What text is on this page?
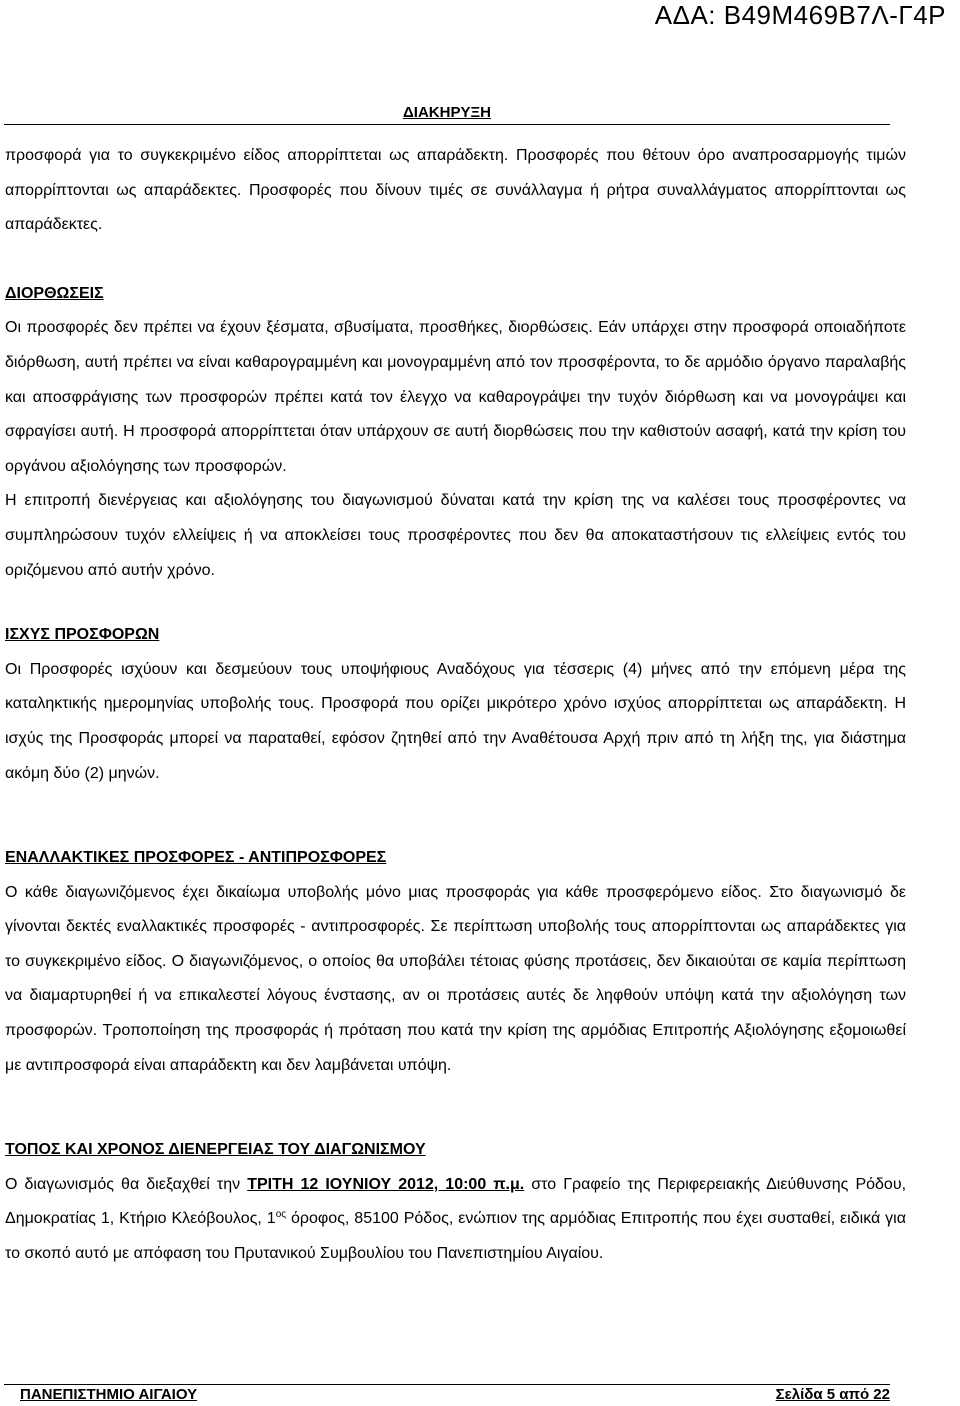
ΑΔΑ: Β49Μ469Β7Λ-Γ4Ρ
ΔΙΑΚΗΡΥΞΗ

προσφορά για το συγκεκριμένο είδος απορρίπτεται ως απαράδεκτη. Προσφορές που θέτουν όρο αναπροσαρμογής τιμών απορρίπτονται ως απαράδεκτες. Προσφορές που δίνουν τιμές σε συνάλλαγμα ή ρήτρα συναλλάγματος απορρίπτονται ως απαράδεκτες.

ΔΙΟΡΘΩΣΕΙΣ

Οι προσφορές δεν πρέπει να έχουν ξέσματα, σβυσίματα, προσθήκες, διορθώσεις. Εάν υπάρχει στην προσφορά οποιαδήποτε διόρθωση, αυτή πρέπει να είναι καθαρογραμμένη και μονογραμμένη από τον προσφέροντα, το δε αρμόδιο όργανο παραλαβής και αποσφράγισης των προσφορών πρέπει κατά τον έλεγχο να καθαρογράψει την τυχόν διόρθωση και να μονογράψει και σφραγίσει αυτή. Η προσφορά απορρίπτεται όταν υπάρχουν σε αυτή διορθώσεις που την καθιστούν ασαφή, κατά την κρίση του οργάνου αξιολόγησης των προσφορών.

Η επιτροπή διενέργειας και αξιολόγησης του διαγωνισμού δύναται κατά την κρίση της να καλέσει τους προσφέροντες να συμπληρώσουν τυχόν ελλείψεις ή να αποκλείσει τους προσφέροντες που δεν θα αποκαταστήσουν τις ελλείψεις εντός του οριζόμενου από αυτήν χρόνο.

ΙΣΧΥΣ ΠΡΟΣΦΟΡΩΝ

Οι Προσφορές ισχύουν και δεσμεύουν τους υποψήφιους Αναδόχους για τέσσερις (4) μήνες από την επόμενη μέρα της καταληκτικής ημερομηνίας υποβολής τους. Προσφορά που ορίζει μικρότερο χρόνο ισχύος απορρίπτεται ως απαράδεκτη. Η ισχύς της Προσφοράς μπορεί να παραταθεί, εφόσον ζητηθεί από την Αναθέτουσα Αρχή πριν από τη λήξη της, για διάστημα ακόμη δύο (2) μηνών.

ΕΝΑΛΛΑΚΤΙΚΕΣ ΠΡΟΣΦΟΡΕΣ - ΑΝΤΙΠΡΟΣΦΟΡΕΣ

Ο κάθε διαγωνιζόμενος έχει δικαίωμα υποβολής μόνο μιας προσφοράς για κάθε προσφερόμενο είδος. Στο διαγωνισμό δε γίνονται δεκτές εναλλακτικές προσφορές - αντιπροσφορές. Σε περίπτωση υποβολής τους απορρίπτονται ως απαράδεκτες για το συγκεκριμένο είδος. Ο διαγωνιζόμενος, ο οποίος θα υποβάλει τέτοιας φύσης προτάσεις, δεν δικαιούται σε καμία περίπτωση να διαμαρτυρηθεί ή να επικαλεστεί λόγους ένστασης, αν οι προτάσεις αυτές δε ληφθούν υπόψη κατά την αξιολόγηση των προσφορών. Τροποποίηση της προσφοράς ή πρόταση που κατά την κρίση της αρμόδιας Επιτροπής Αξιολόγησης εξομοιωθεί με αντιπροσφορά είναι απαράδεκτη και δεν λαμβάνεται υπόψη.

ΤΟΠΟΣ ΚΑΙ ΧΡΟΝΟΣ ΔΙΕΝΕΡΓΕΙΑΣ ΤΟΥ ΔΙΑΓΩΝΙΣΜΟΥ

Ο διαγωνισμός θα διεξαχθεί την ΤΡΙΤΗ 12 ΙΟΥΝΙΟΥ 2012, 10:00 π.μ. στο Γραφείο της Περιφερειακής Διεύθυνσης Ρόδου, Δημοκρατίας 1, Κτήριο Κλεόβουλος, $1^{o\varsigma}$ όροφος, 85100 Ρόδος, ενώπιον της αρμόδιας Επιτροπής που έχει συσταθεί, ειδικά για το σκοπό αυτό με απόφαση του Πρυτανικού Συμβουλίου του Πανεπιστημίου Αιγαίου.

ΠΑΝΕΠΙΣΤΗΜΙΟ ΑΙΓΑΙΟΥ	Σελίδα 5 από 22
